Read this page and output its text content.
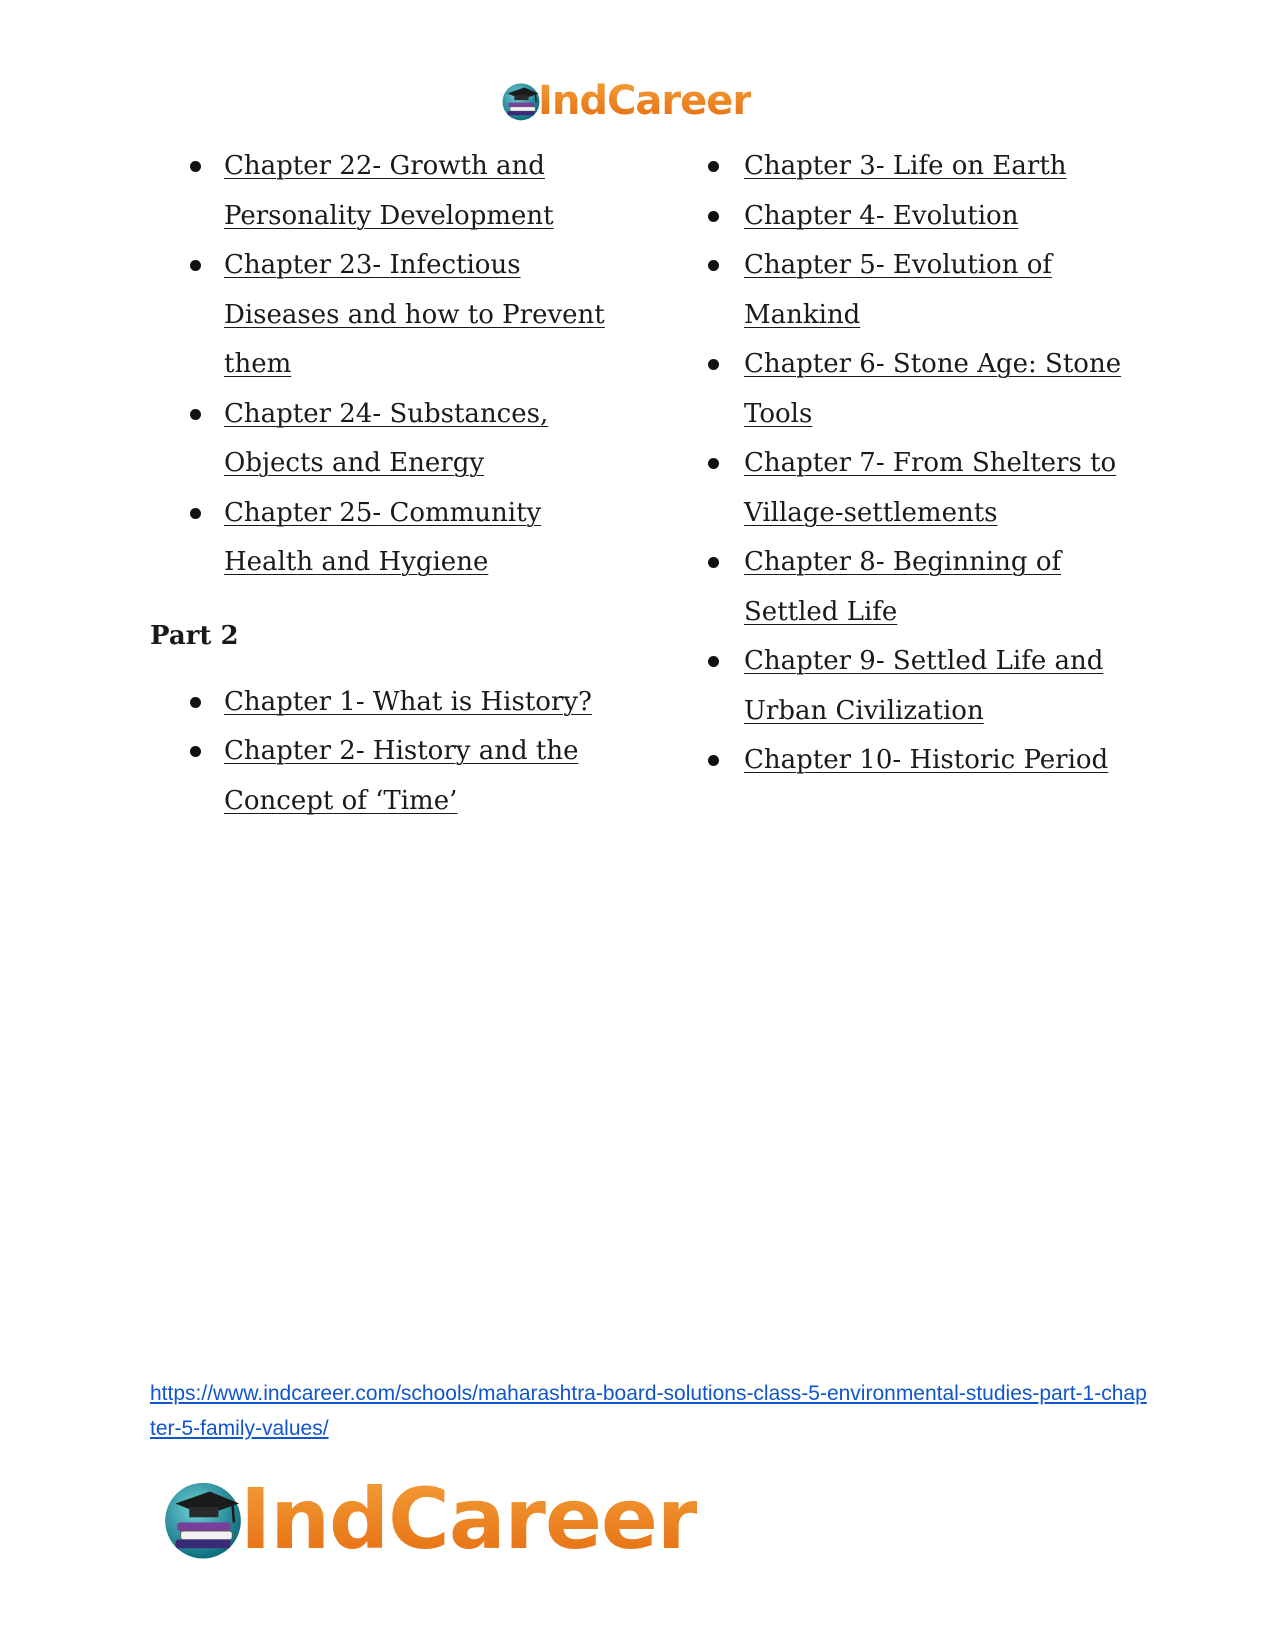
IndCareer
Chapter 22- Growth and Personality Development
Chapter 23- Infectious Diseases and how to Prevent them
Chapter 24- Substances, Objects and Energy
Chapter 25- Community Health and Hygiene
Part 2
Chapter 1- What is History?
Chapter 2- History and the Concept of ‘Time’
Chapter 3- Life on Earth
Chapter 4- Evolution
Chapter 5- Evolution of Mankind
Chapter 6- Stone Age: Stone Tools
Chapter 7- From Shelters to Village-settlements
Chapter 8- Beginning of Settled Life
Chapter 9- Settled Life and Urban Civilization
Chapter 10- Historic Period
https://www.indcareer.com/schools/maharashtra-board-solutions-class-5-environmental-studies-part-1-chapter-5-family-values/
IndCareer
